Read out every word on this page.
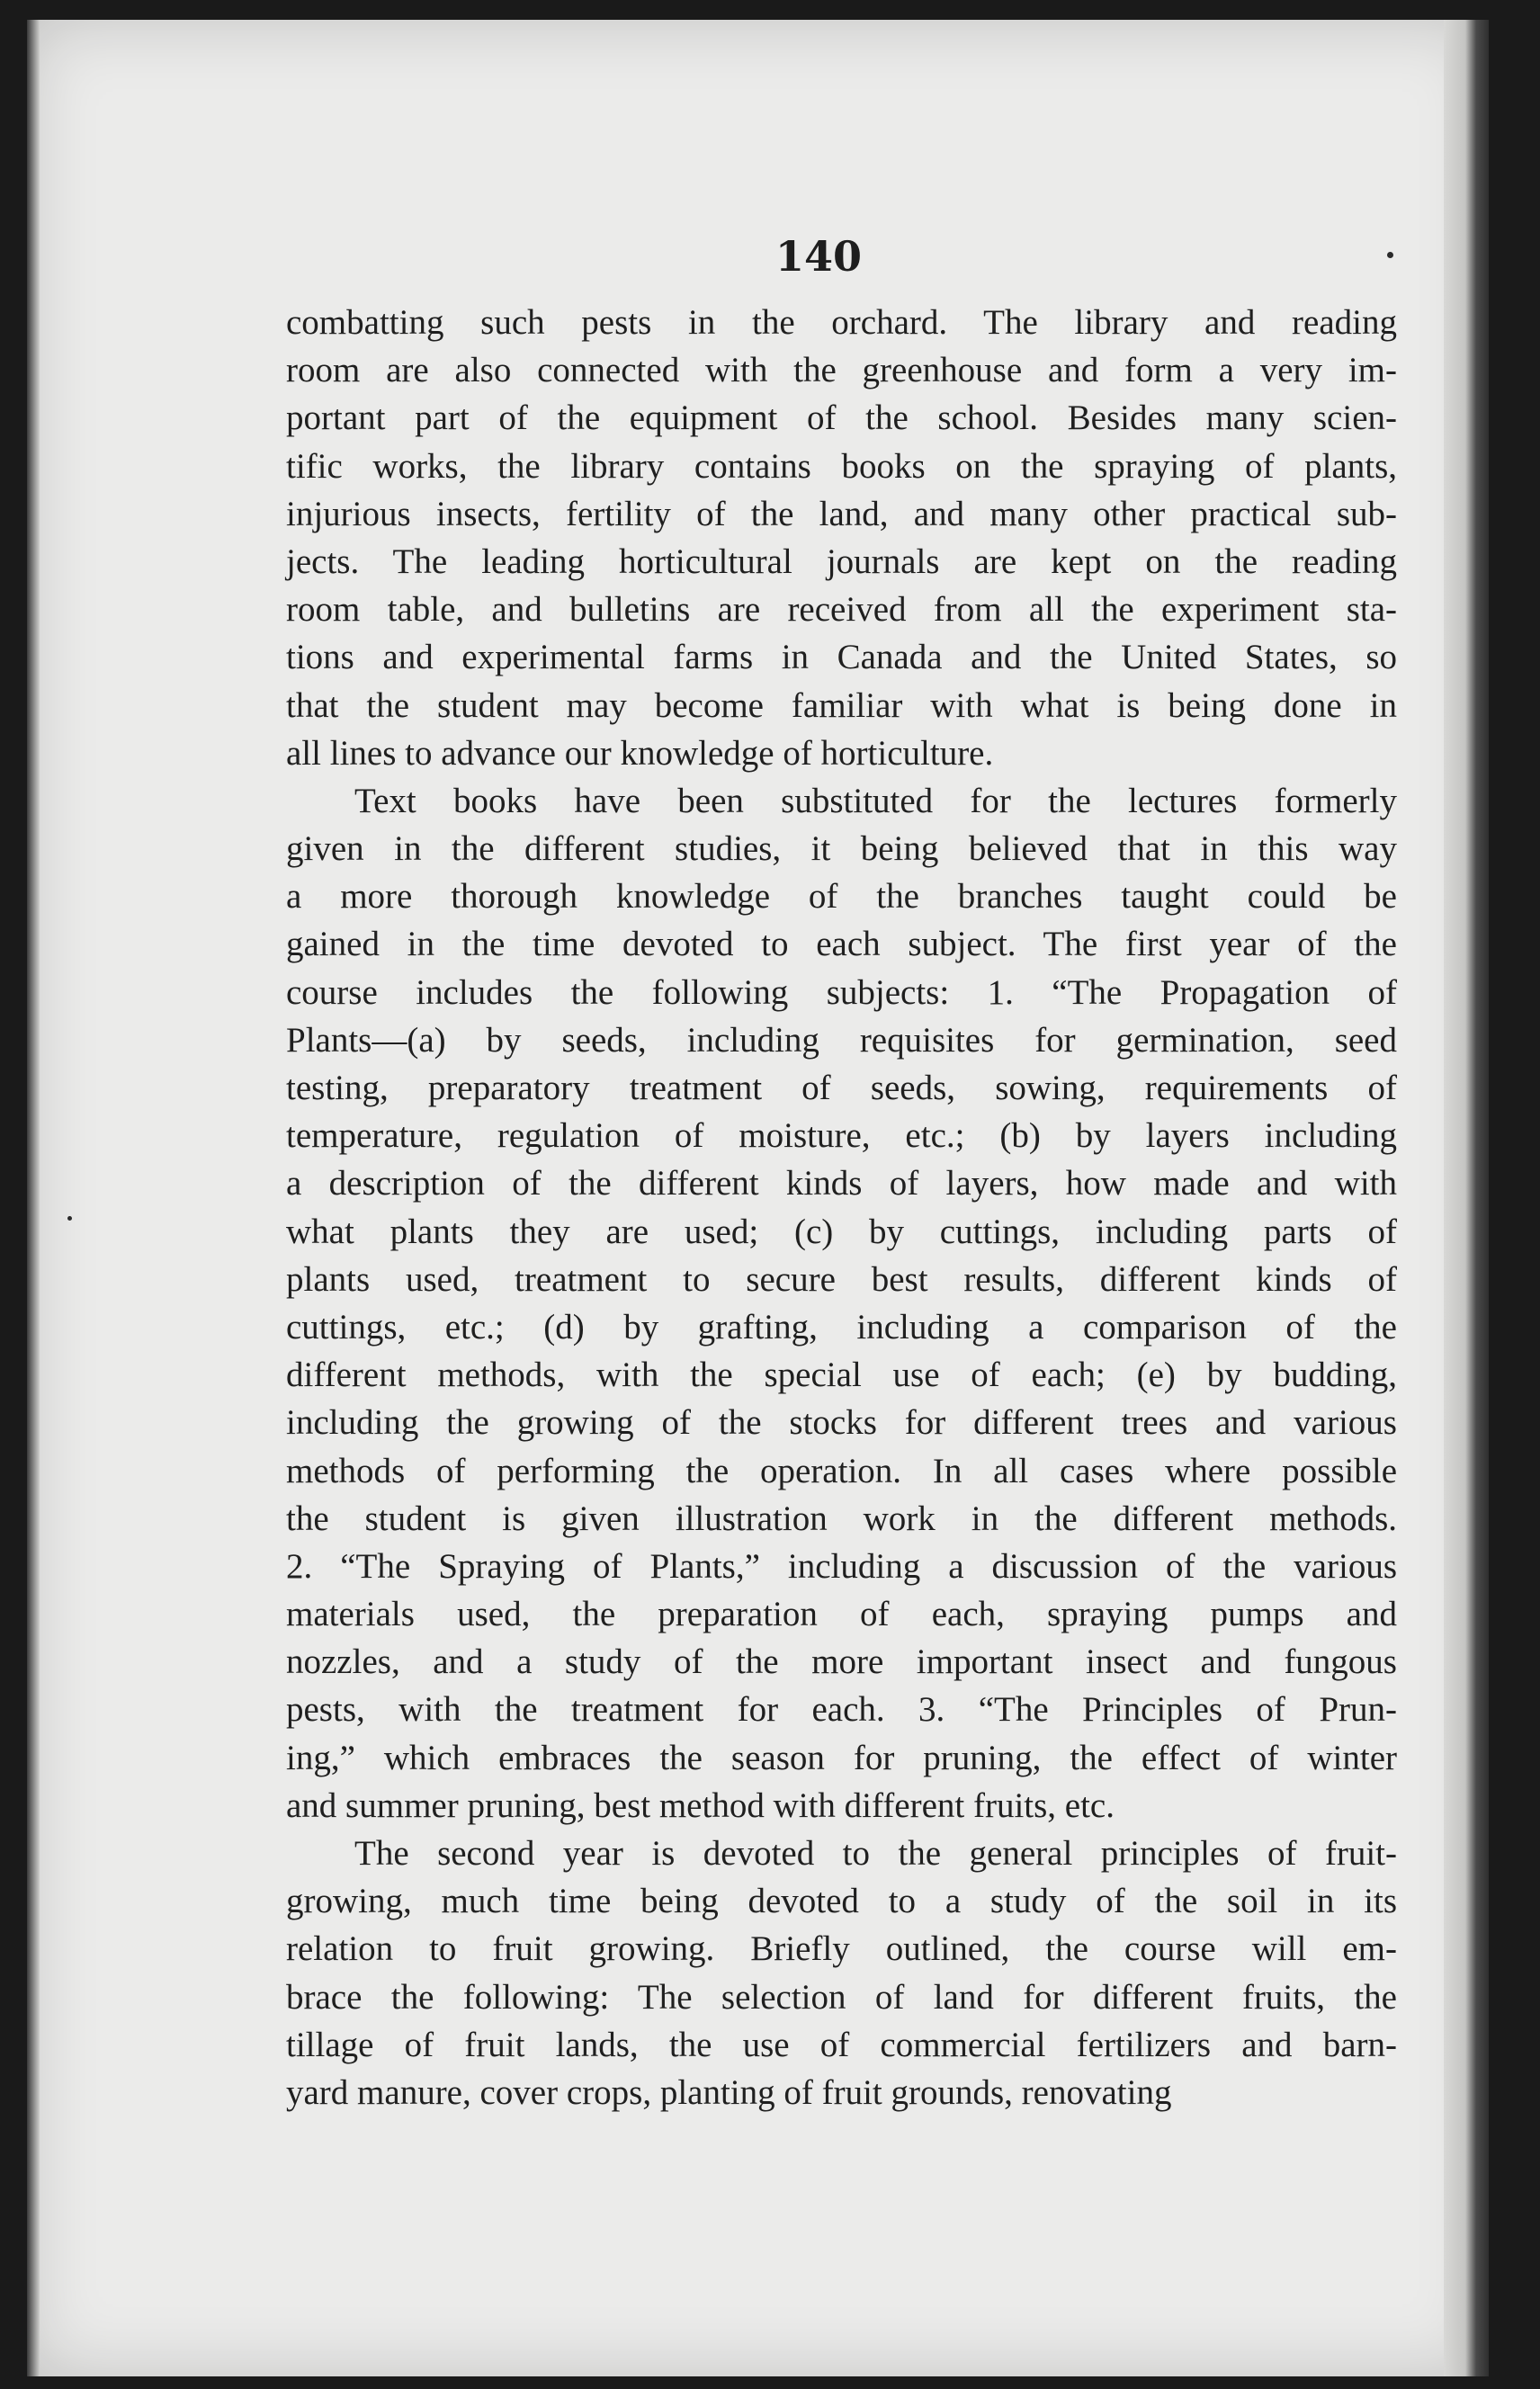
140
combatting such pests in the orchard. The library and reading
room are also connected with the greenhouse and form a very im-
portant part of the equipment of the school. Besides many scien-
tific works, the library contains books on the spraying of plants,
injurious insects, fertility of the land, and many other practical sub-
jects. The leading horticultural journals are kept on the reading
room table, and bulletins are received from all the experiment sta-
tions and experimental farms in Canada and the United States, so
that the student may become familiar with what is being done in
all lines to advance our knowledge of horticulture.
Text books have been substituted for the lectures formerly
given in the different studies, it being believed that in this way
a more thorough knowledge of the branches taught could be
gained in the time devoted to each subject. The first year of the
course includes the following subjects: 1. “The Propagation of
Plants—(a) by seeds, including requisites for germination, seed
testing, preparatory treatment of seeds, sowing, requirements of
temperature, regulation of moisture, etc.; (b) by layers including
a description of the different kinds of layers, how made and with
what plants they are used; (c) by cuttings, including parts of
plants used, treatment to secure best results, different kinds of
cuttings, etc.; (d) by grafting, including a comparison of the
different methods, with the special use of each; (e) by budding,
including the growing of the stocks for different trees and various
methods of performing the operation. In all cases where possible
the student is given illustration work in the different methods.
2. “The Spraying of Plants,” including a discussion of the various
materials used, the preparation of each, spraying pumps and
nozzles, and a study of the more important insect and fungous
pests, with the treatment for each. 3. “The Principles of Prun-
ing,” which embraces the season for pruning, the effect of winter
and summer pruning, best method with different fruits, etc.
The second year is devoted to the general principles of fruit-
growing, much time being devoted to a study of the soil in its
relation to fruit growing. Briefly outlined, the course will em-
brace the following: The selection of land for different fruits, the
tillage of fruit lands, the use of commercial fertilizers and barn-
yard manure, cover crops, planting of fruit grounds, renovating
